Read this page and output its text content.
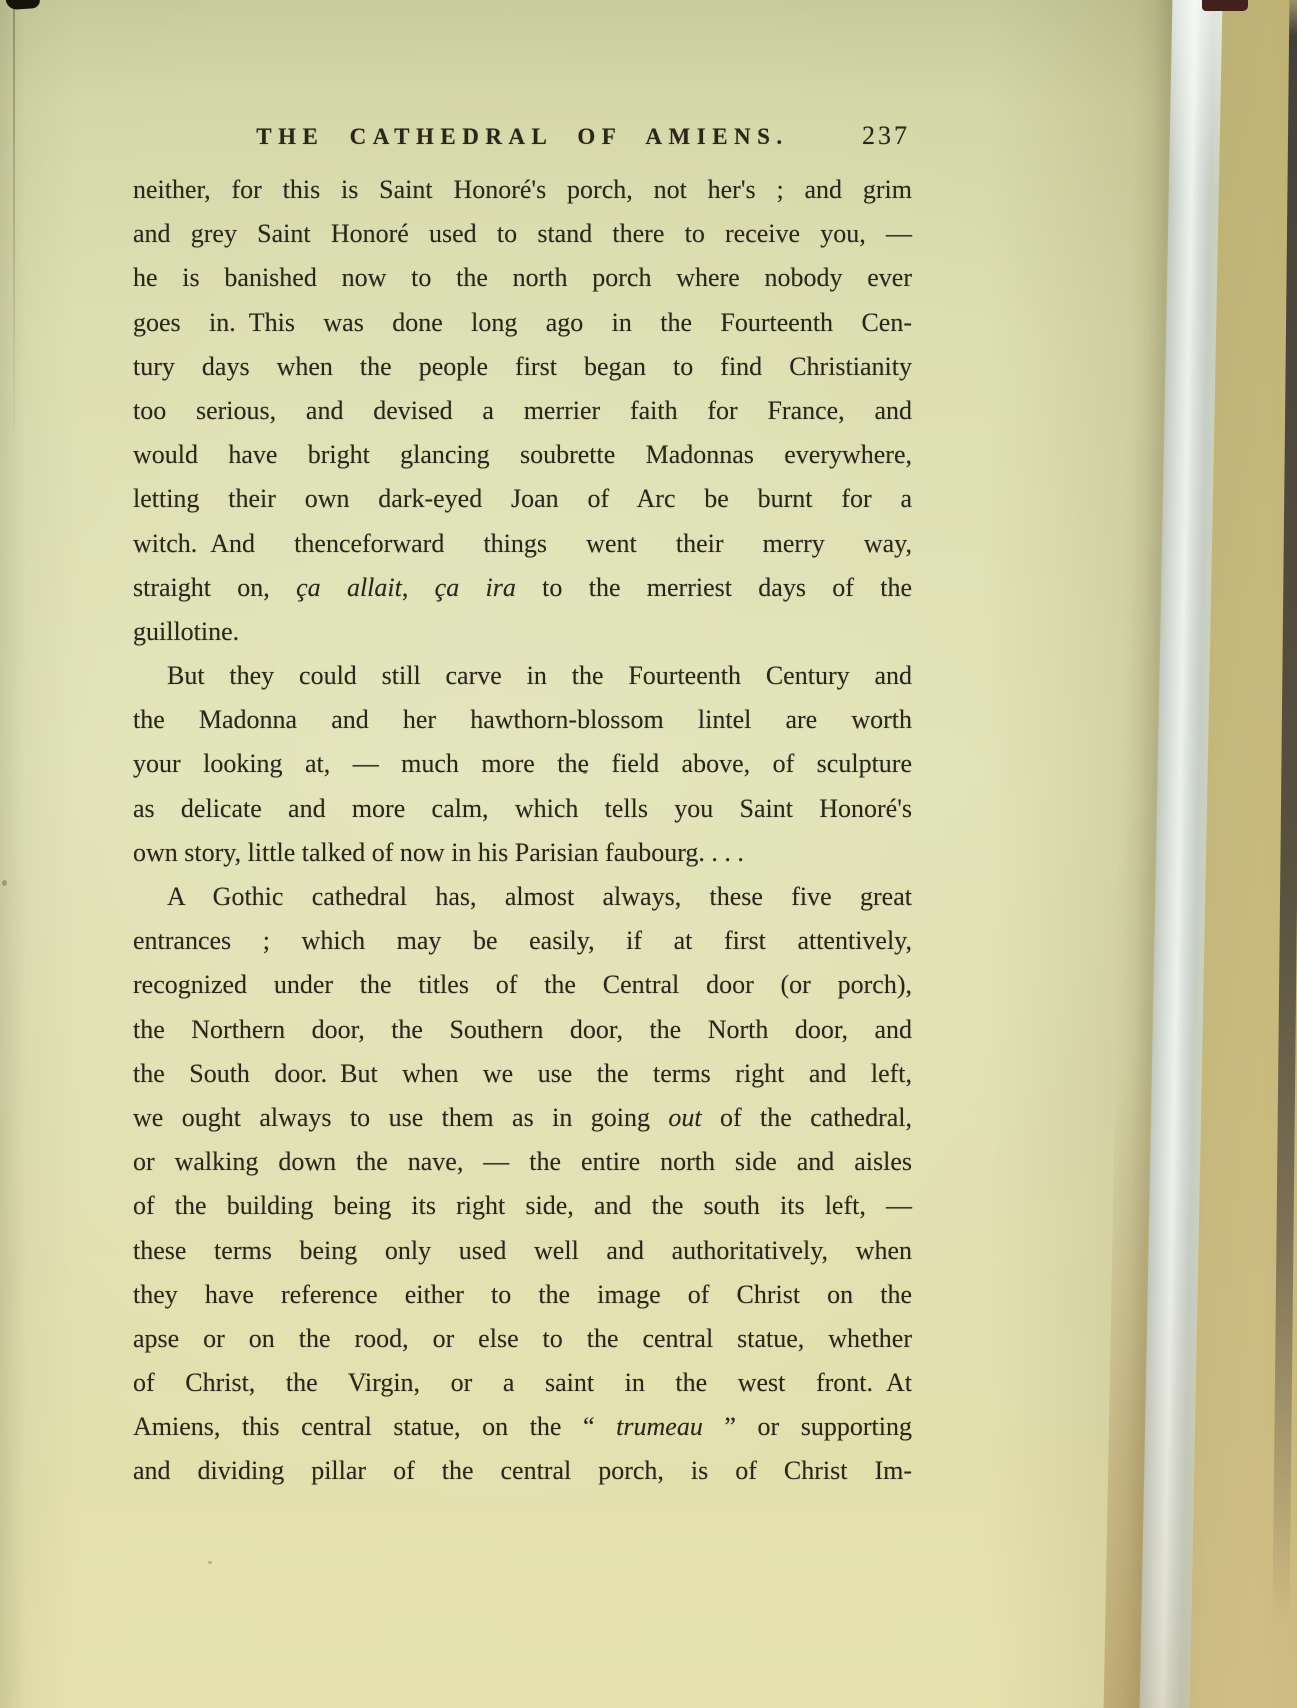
THE CATHEDRAL OF AMIENS.	237
neither, for this is Saint Honoré's porch, not her's ; and grim
and grey Saint Honoré used to stand there to receive you, —
he is banished now to the north porch where nobody ever
goes in. This was done long ago in the Fourteenth Cen-
tury days when the people first began to find Christianity
too serious, and devised a merrier faith for France, and
would have bright glancing soubrette Madonnas everywhere,
letting their own dark-eyed Joan of Arc be burnt for a
witch. And thenceforward things went their merry way,
straight on, ça allait, ça ira to the merriest days of the
guillotine.
But they could still carve in the Fourteenth Century and
the Madonna and her hawthorn-blossom lintel are worth
your looking at, — much more the field above, of sculpture
as delicate and more calm, which tells you Saint Honoré's
own story, little talked of now in his Parisian faubourg. . . .
A Gothic cathedral has, almost always, these five great
entrances ; which may be easily, if at first attentively,
recognized under the titles of the Central door (or porch),
the Northern door, the Southern door, the North door, and
the South door. But when we use the terms right and left,
we ought always to use them as in going out of the cathedral,
or walking down the nave, — the entire north side and aisles
of the building being its right side, and the south its left, —
these terms being only used well and authoritatively, when
they have reference either to the image of Christ on the
apse or on the rood, or else to the central statue, whether
of Christ, the Virgin, or a saint in the west front. At
Amiens, this central statue, on the “ trumeau ” or supporting
and dividing pillar of the central porch, is of Christ Im-
